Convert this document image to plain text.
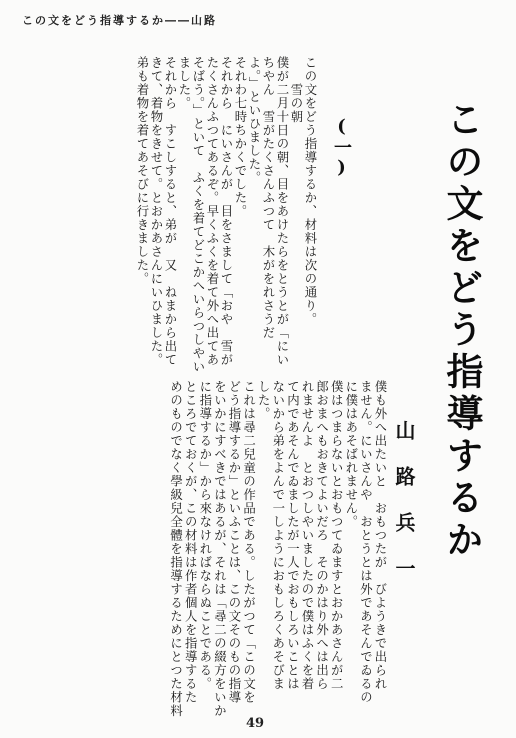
この文をどう指導するか――山路
この文をどう指導するか、材料は次の通り。
　　雪の朝
僕が二月十日の朝、目をあけたらをとうとが「にい
ちやん　雪がたくさんふつて　木がをれさうだ
よ。」といひました。
それわ七時ちかくでした。
それから　にいさんが　目をさまして「おや　雪が
たくさんふつてあるぞ。早くふくを着て外へ出てあ
そばう。」といて　ふくを着てどこかへいらつしやい
ました。
それから　すこしすると、弟が　又　ねまから出て
きて、着物をきせて。とおかあさんにいひました。
弟も着物を着てあそびに行きました。	(一) この文をどう指導するか
山路兵一
僕も外へ出たいと　おもつたが　びようきで出られ
ません。にいさんや　おとうとは外であそんでゐるの
に僕はあそばれません。
僕はつまらないとおもつてゐますとおかあさんが二
郎おまへもおきてよいだろ　そのかはり外へは出ら
れませんよ　とおつしやいましたので僕はふくを着
て内であそんでゐましたが一人でおもしろいことは
ないから弟をよんで一しようにおもしろくあそびま
した。
これは尋二兒童の作品である。したがつて「この文を
どう指導するか」といふことは、この文そのもの指導
をいかにすべきではあるが、それは「尋二の綴方をいか
に指導するか」から來なければならぬことである。
ところでておくが、この材料は作者個人を指導するた
めのものでなく學級兒全體を指導するためにとつた材料
49
